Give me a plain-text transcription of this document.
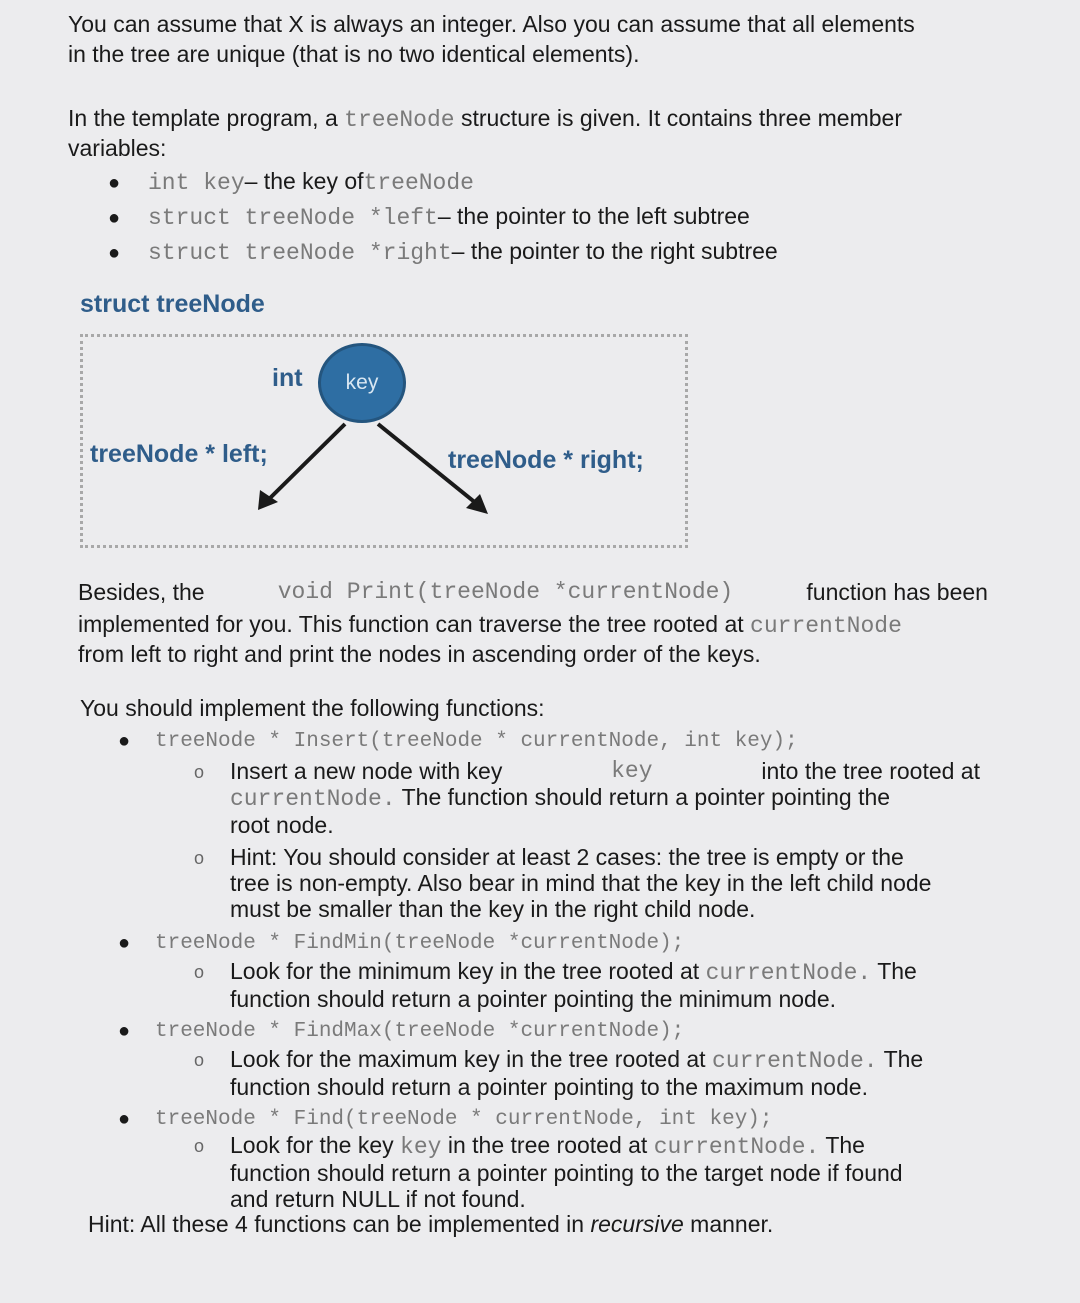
You can assume that X is always an integer. Also you can assume that all elements

in the tree are unique (that is no two identical elements).

In the template program, a treeNode structure is given. It contains three member

variables:

●	int key – the key of treeNode
●	struct treeNode *left – the pointer to the left subtree
●	struct treeNode *right – the pointer to the right subtree
struct treeNode
int key
treeNode * left;	treeNode * right;

Besides, the	void Print(treeNode *currentNode)	function has been

implemented for you. This function can traverse the tree rooted at currentNode

from left to right and print the nodes in ascending order of the keys.

You should implement the following functions:

● treeNode * Insert(treeNode * currentNode, int key);
o Insert a new node with key	key	into the tree rooted at
currentNode. The function should return a pointer pointing the
root node.
o Hint: You should consider at least 2 cases: the tree is empty or the
tree is non-empty. Also bear in mind that the key in the left child node
must be smaller than the key in the right child node.
● treeNode * FindMin(treeNode *currentNode);
o Look for the minimum key in the tree rooted at currentNode. The
function should return a pointer pointing the minimum node.
● treeNode * FindMax(treeNode *currentNode);
o Look for the maximum key in the tree rooted at currentNode. The
function should return a pointer pointing to the maximum node.
● treeNode * Find(treeNode * currentNode, int key);
o Look for the key key in the tree rooted at currentNode. The
function should return a pointer pointing to the target node if found
and return NULL if not found.

Hint: All these 4 functions can be implemented in recursive manner.
